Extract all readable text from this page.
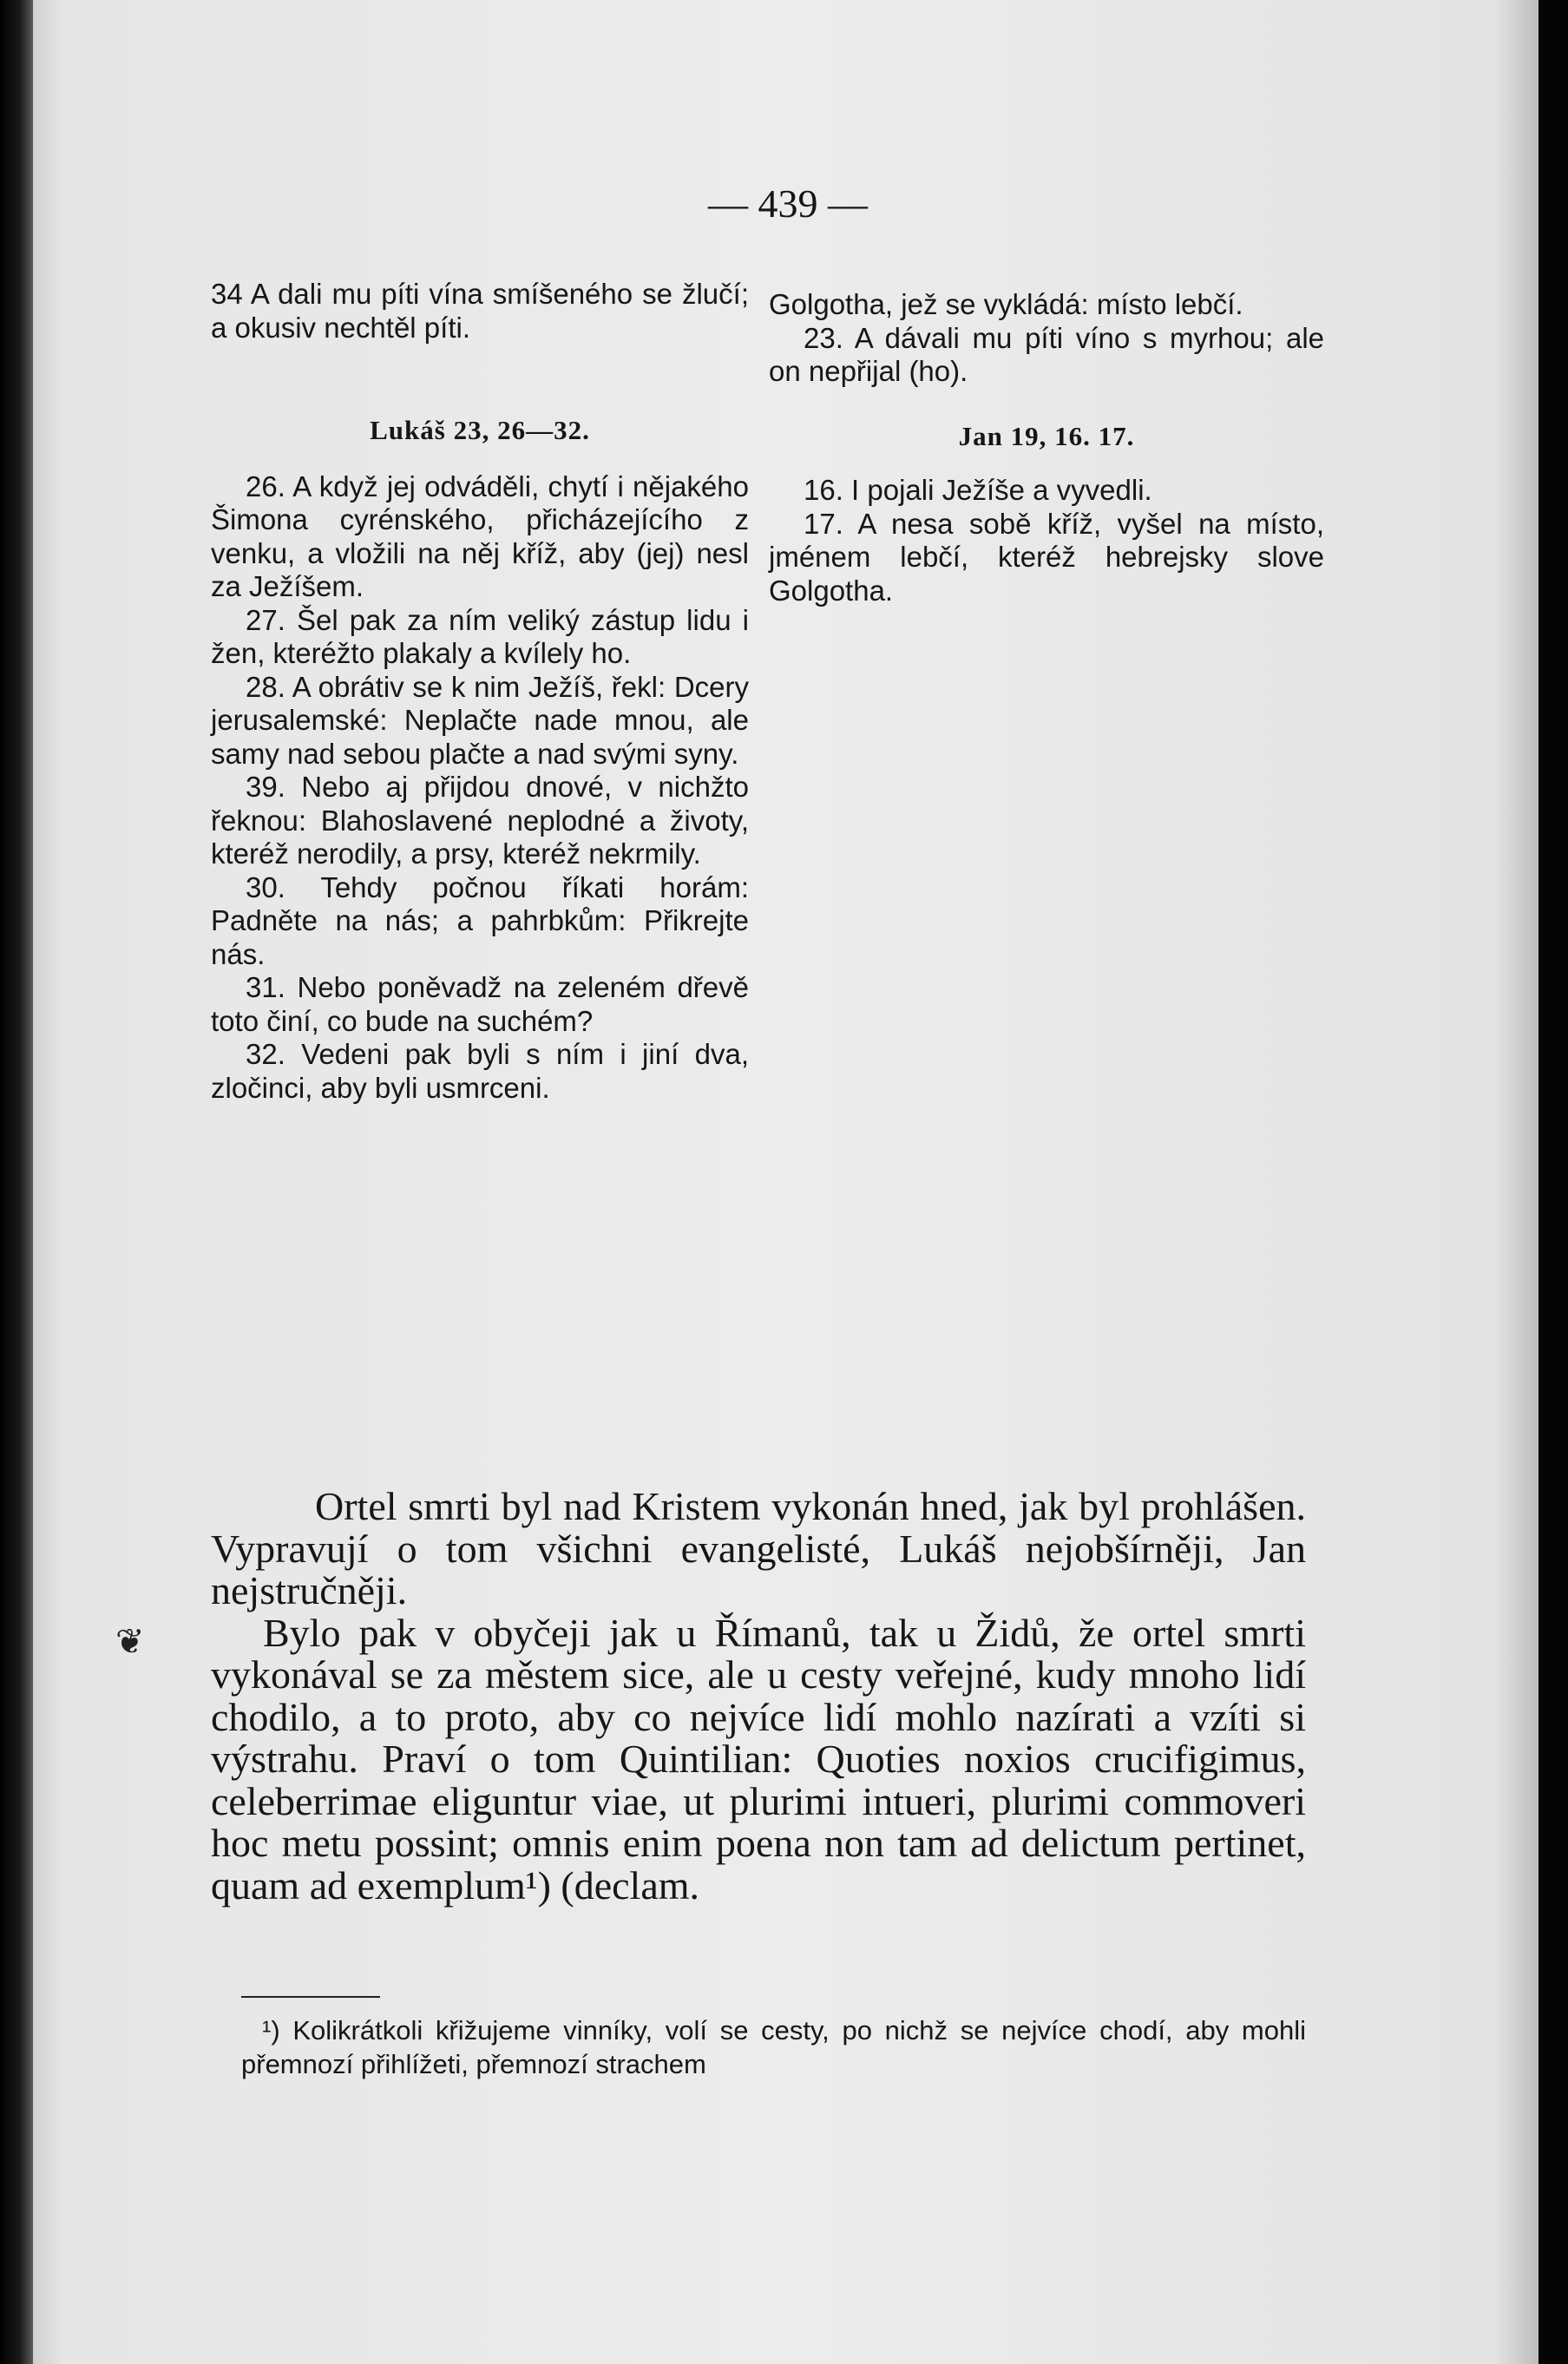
— 439 —

34 A dali mu píti vína smíšeného se žlučí; a okusiv nechtěl píti.

Lukáš 23, 26—32.

26. A když jej odváděli, chytí i nějakého Šimona cyrénského, přicházejícího z venku, a vložili na něj kříž, aby (jej) nesl za Ježíšem.

27. Šel pak za ním veliký zástup lidu i žen, kteréžto plakaly a kvílely ho.

28. A obrátiv se k nim Ježíš, řekl: Dcery jerusalemské: Neplačte nade mnou, ale samy nad sebou plačte a nad svými syny.

39. Nebo aj přijdou dnové, v nichžto řeknou: Blahoslavené neplodné a životy, kteréž nerodily, a prsy, kteréž nekrmily.

30. Tehdy počnou říkati horám: Padněte na nás; a pahrbkům: Přikrejte nás.

31. Nebo poněvadž na zeleném dřevě toto činí, co bude na suchém?

32. Vedeni pak byli s ním i jiní dva, zločinci, aby byli usmrceni.

Golgotha, jež se vykládá: místo lebčí.

23. A dávali mu píti víno s myrhou; ale on nepřijal (ho).

Jan 19, 16. 17.

16. I pojali Ježíše a vyvedli.

17. A nesa sobě kříž, vyšel na místo, jménem lebčí, kteréž hebrejsky slove Golgotha.

❦

Ortel smrti byl nad Kristem vykonán hned, jak byl prohlášen. Vypravují o tom všichni evangelisté, Lukáš nejobšírněji, Jan nejstručněji.

Bylo pak v obyčeji jak u Římanů, tak u Židů, že ortel smrti vykonával se za městem sice, ale u cesty veřejné, kudy mnoho lidí chodilo, a to proto, aby co nejvíce lidí mohlo nazírati a vzíti si výstrahu. Praví o tom Quintilian: Quoties noxios crucifigimus, celeberrimae eliguntur viae, ut plurimi intueri, plurimi commoveri hoc metu possint; omnis enim poena non tam ad delictum pertinet, quam ad exemplum¹) (declam.

¹) Kolikrátkoli křižujeme vinníky, volí se cesty, po nichž se nejvíce chodí, aby mohli přemnozí přihlížeti, přemnozí strachem
